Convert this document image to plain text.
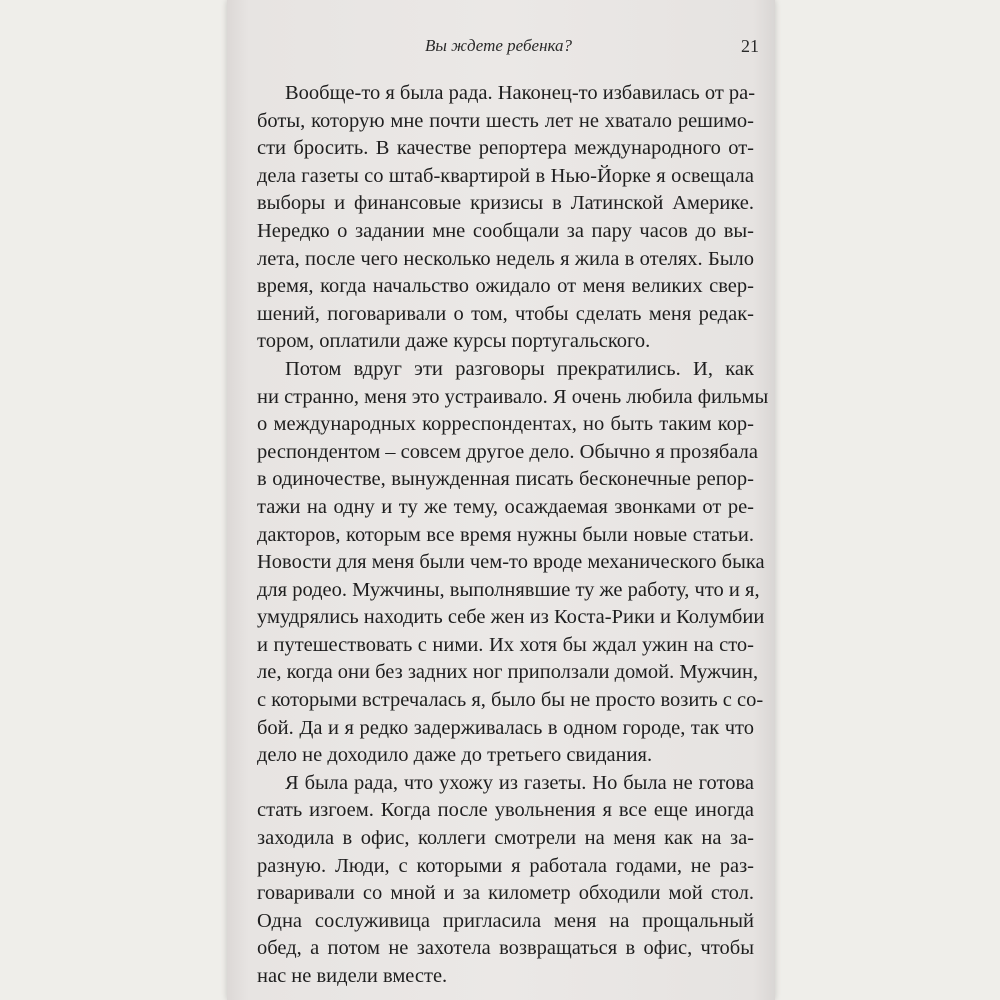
Вы ждете ребенка?	21
Вообще-то я была рада. Наконец-то избавилась от ра-
боты, которую мне почти шесть лет не хватало решимо-
сти бросить. В качестве репортера международного от-
дела газеты со штаб-квартирой в Нью-Йорке я освещала
выборы и финансовые кризисы в Латинской Америке.
Нередко о задании мне сообщали за пару часов до вы-
лета, после чего несколько недель я жила в отелях. Было
время, когда начальство ожидало от меня великих свер-
шений, поговаривали о том, чтобы сделать меня редак-
тором, оплатили даже курсы португальского.
Потом вдруг эти разговоры прекратились. И, как
ни странно, меня это устраивало. Я очень любила фильмы
о международных корреспондентах, но быть таким кор-
респондентом – совсем другое дело. Обычно я прозябала
в одиночестве, вынужденная писать бесконечные репор-
тажи на одну и ту же тему, осаждаемая звонками от ре-
дакторов, которым все время нужны были новые статьи.
Новости для меня были чем-то вроде механического быка
для родео. Мужчины, выполнявшие ту же работу, что и я,
умудрялись находить себе жен из Коста-Рики и Колумбии
и путешествовать с ними. Их хотя бы ждал ужин на сто-
ле, когда они без задних ног приползали домой. Мужчин,
с которыми встречалась я, было бы не просто возить с со-
бой. Да и я редко задерживалась в одном городе, так что
дело не доходило даже до третьего свидания.
Я была рада, что ухожу из газеты. Но была не готова
стать изгоем. Когда после увольнения я все еще иногда
заходила в офис, коллеги смотрели на меня как на за-
разную. Люди, с которыми я работала годами, не раз-
говаривали со мной и за километр обходили мой стол.
Одна сослуживица пригласила меня на прощальный
обед, а потом не захотела возвращаться в офис, чтобы
нас не видели вместе.
